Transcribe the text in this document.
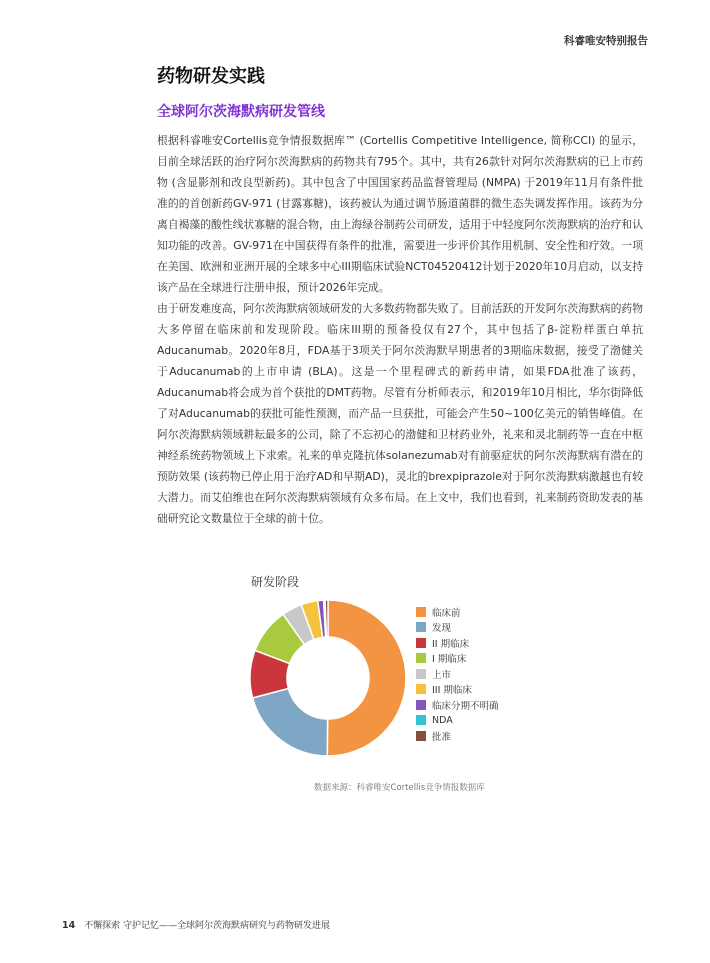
科睿唯安特别报告
药物研发实践
全球阿尔茨海默病研发管线

根据科睿唯安Cortellis竞争情报数据库™ (Cortellis Competitive Intelligence, 简称CCI) 的显示，目前全球活跃的治疗阿尔茨海默病的药物共有795个。其中，共有26款针对阿尔茨海默病的已上市药物 (含显影剂和改良型新药)。其中包含了中国国家药品监督管理局 (NMPA) 于2019年11月有条件批准的的首创新药GV-971 (甘露寡糖)，该药被认为通过调节肠道菌群的微生态失调发挥作用。该药为分离自褐藻的酸性线状寡糖的混合物，由上海绿谷制药公司研发，适用于中轻度阿尔茨海默病的治疗和认知功能的改善。GV-971在中国获得有条件的批准，需要进一步评价其作用机制、安全性和疗效。一项在美国、欧洲和亚洲开展的全球多中心III期临床试验NCT04520412计划于2020年10月启动，以支持该产品在全球进行注册申报，预计2026年完成。

由于研发难度高，阿尔茨海默病领域研发的大多数药物都失败了。目前活跃的开发阿尔茨海默病的药物大多停留在临床前和发现阶段。临床III期的预备役仅有27个，其中包括了β-淀粉样蛋白单抗Aducanumab。2020年8月，FDA基于3项关于阿尔茨海默早期患者的3期临床数据，接受了渤健关于Aducanumab的上市申请 (BLA)。这是一个里程碑式的新药申请，如果FDA批准了该药，Aducanumab将会成为首个获批的DMT药物。尽管有分析师表示，和2019年10月相比，华尔街降低了对Aducanumab的获批可能性预测，而产品一旦获批，可能会产生50~100亿美元的销售峰值。在阿尔茨海默病领域耕耘最多的公司，除了不忘初心的渤健和卫材药业外，礼来和灵北制药等一直在中枢神经系统药物领域上下求索。礼来的单克隆抗体solanezumab对有前驱症状的阿尔茨海默病有潜在的预防效果 (该药物已停止用于治疗AD和早期AD)，灵北的brexpiprazole对于阿尔茨海默病激越也有较大潜力。而艾伯维也在阿尔茨海默病领域有众多布局。在上文中，我们也看到，礼来制药资助发表的基础研究论文数量位于全球的前十位。

研发阶段
临床前
发现
II 期临床
I 期临床
上市
III 期临床
临床分期不明确
NDA
批准
数据来源：科睿唯安Cortellis竞争情报数据库
14 不懈探索 守护记忆——全球阿尔茨海默病研究与药物研发进展
